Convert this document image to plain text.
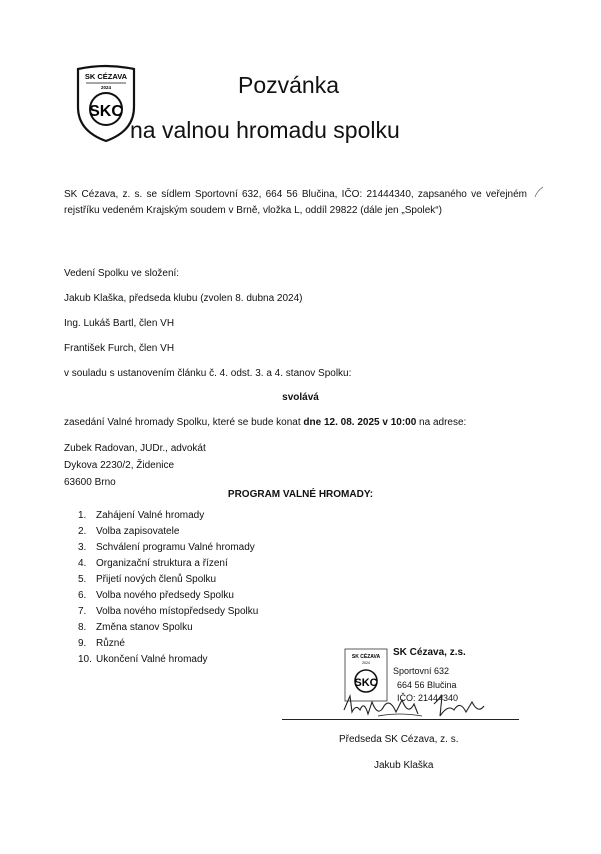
SK CÉZAVA
2024
SKC
Pozvánka
na valnou hromadu spolku
SK Cézava, z. s. se sídlem Sportovní 632, 664 56 Blučina, IČO: 21444340, zapsaného ve veřejném rejstříku vedeném Krajským soudem v Brně, vložka L, oddíl 29822 (dále jen „Spolek“)
Vedení Spolku ve složení:
Jakub Klaška, předseda klubu (zvolen 8. dubna 2024)
Ing. Lukáš Bartl, člen VH
František Furch, člen VH
v souladu s ustanovením článku č. 4. odst. 3. a 4. stanov Spolku:
svolává
zasedání Valné hromady Spolku, které se bude konat dne 12. 08. 2025 v 10:00 na adrese:
Zubek Radovan, JUDr., advokát
Dykova 2230/2, Židenice
63600 Brno
PROGRAM VALNÉ HROMADY:
1. Zahájení Valné hromady
2. Volba zapisovatele
3. Schválení programu Valné hromady
4. Organizační struktura a řízení
5. Přijetí nových členů Spolku
6. Volba nového předsedy Spolku
7. Volba nového místopředsedy Spolku
8. Změna stanov Spolku
9. Různé
10. Ukončení Valné hromady	SK CÉZAVA
2024
SKC
SK Cézava, z.s.
Sportovní 632
664 56 Blučina
IČO: 21444340
Předseda SK Cézava, z. s.
Jakub Klaška
